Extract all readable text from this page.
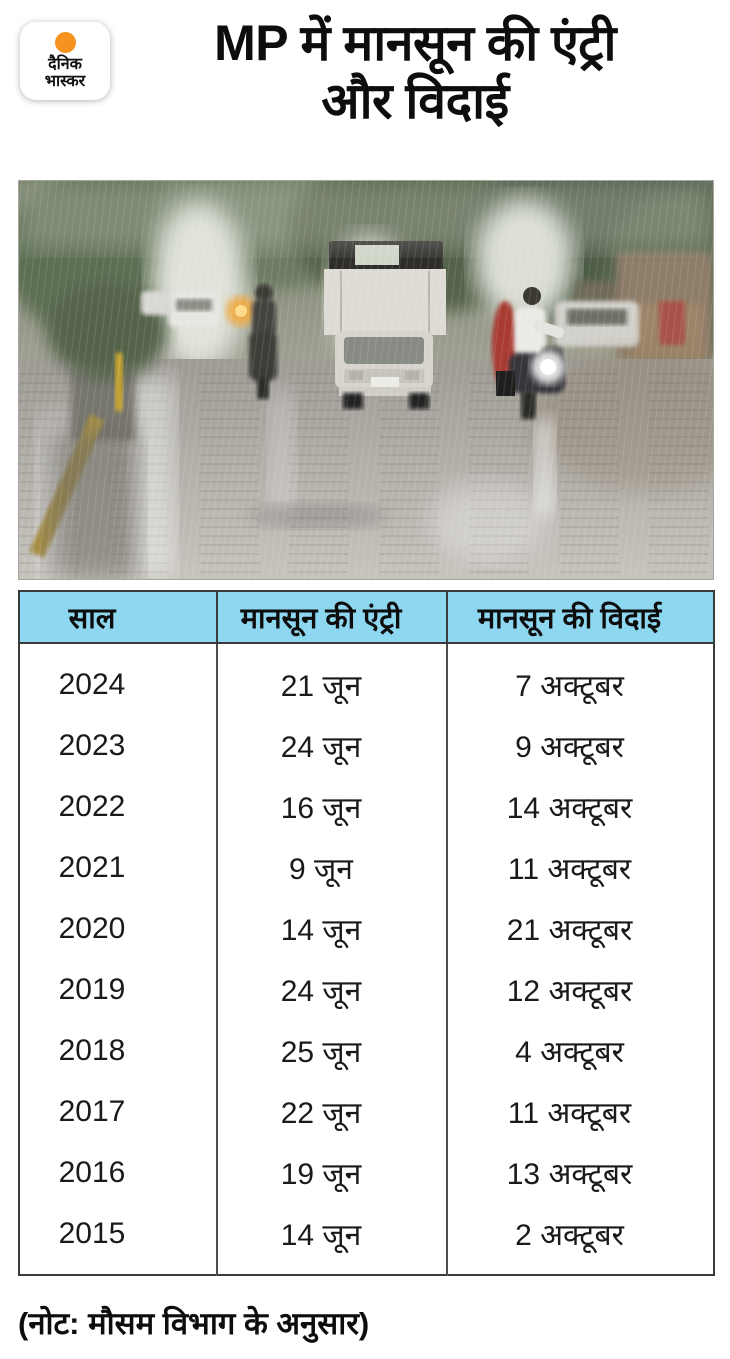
दैनिक
भास्कर
MP में मानसून की एंट्री
और विदाई
साल	मानसून की एंट्री	मानसून की विदाई
2024	21 जून	7 अक्टूबर
2023	24 जून	9 अक्टूबर
2022	16 जून	14 अक्टूबर
2021	9 जून	11 अक्टूबर
2020	14 जून	21 अक्टूबर
2019	24 जून	12 अक्टूबर
2018	25 जून	4 अक्टूबर
2017	22 जून	11 अक्टूबर
2016	19 जून	13 अक्टूबर
2015	14 जून	2 अक्टूबर
(नोट: मौसम विभाग के अनुसार)
